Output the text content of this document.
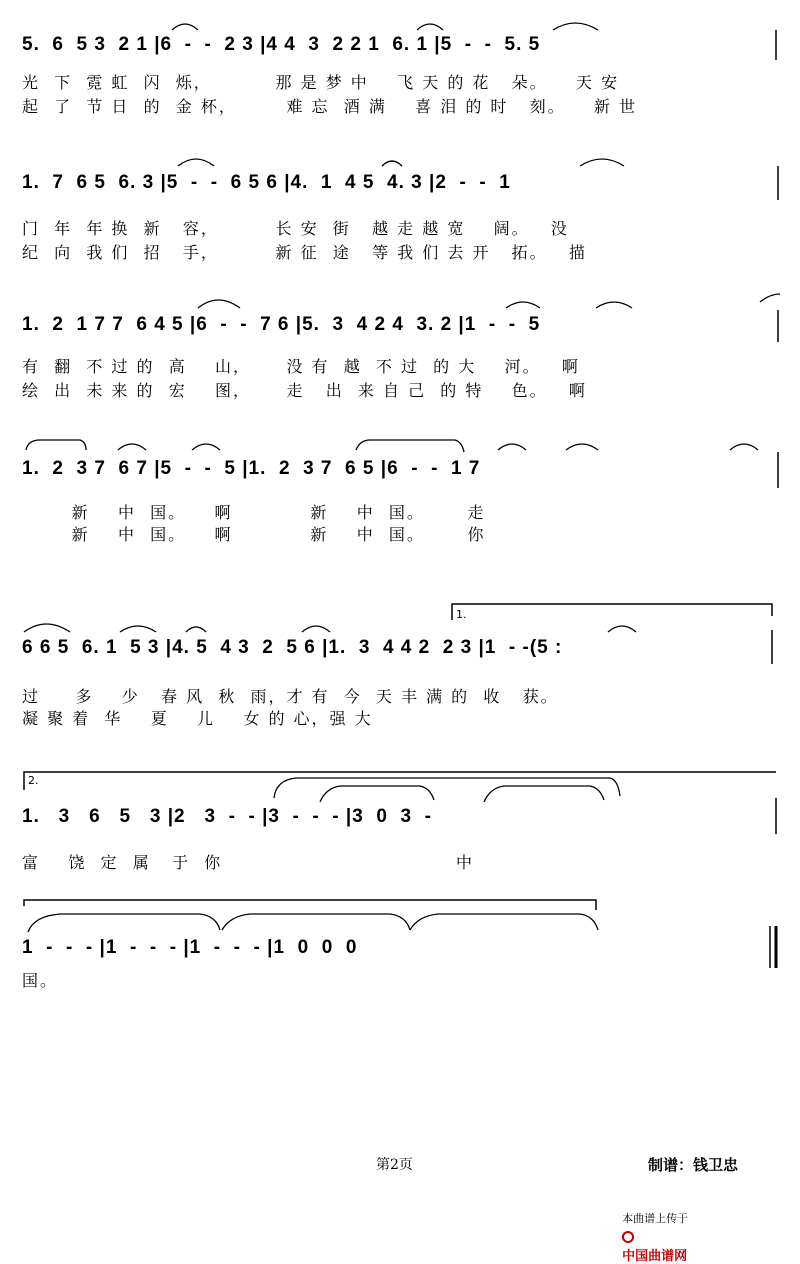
5.  6  5 3  2 1 |6  -  -  2 3 |4 4  3  2 2 1  6. 1 |5  -  -  5. 5
光  下  霓 虹  闪  烁，         那 是 梦 中    飞 天 的 花   朵。    天 安
起  了  节 日  的  金 杯，       难 忘  酒 满    喜 泪 的 时   刻。    新 世
1.  7  6 5  6. 3 |5  -  -  6 5 6 |4.  1  4 5  4. 3 |2  -  -  1
门  年  年 换  新   容，        长 安  街   越 走 越 宽    阔。   没
纪  向  我 们  招   手，        新 征  途   等 我 们 去 开   拓。   描
1.  2  1 7 7  6 4 5 |6  -  -  7 6 |5.  3  4 2 4  3. 2 |1  -  -  5
有  翻  不 过 的  高    山，     没 有  越  不 过  的 大    河。   啊
绘  出  未 来 的  宏    图，     走   出  来 自 己  的 特    色。   啊
1.  2  3 7  6 7 |5  -  -  5 |1.  2  3 7  6 5 |6  -  -  1 7
新    中  国。    啊           新    中  国。      走
新    中  国。    啊           新    中  国。      你
1.
6 6 5  6. 1  5 3 |4. 5  4 3  2  5 6 |1.  3  4 4 2  2 3 |1  - -(5 :
过     多    少   春 风  秋  雨，才 有  今  天 丰 满 的  收   获。
凝 聚 着  华    夏    儿    女 的 心，强 大
2.
1.   3   6   5   3 |2   3  -  - |3  -  -  - |3  0  3  -
富    饶  定  属   于  你                                 中
1  -  -  - |1  -  -  - |1  -  -  - |1  0  0  0
国。
第2页	制谱：钱卫忠

本曲谱上传于

中国曲谱网
